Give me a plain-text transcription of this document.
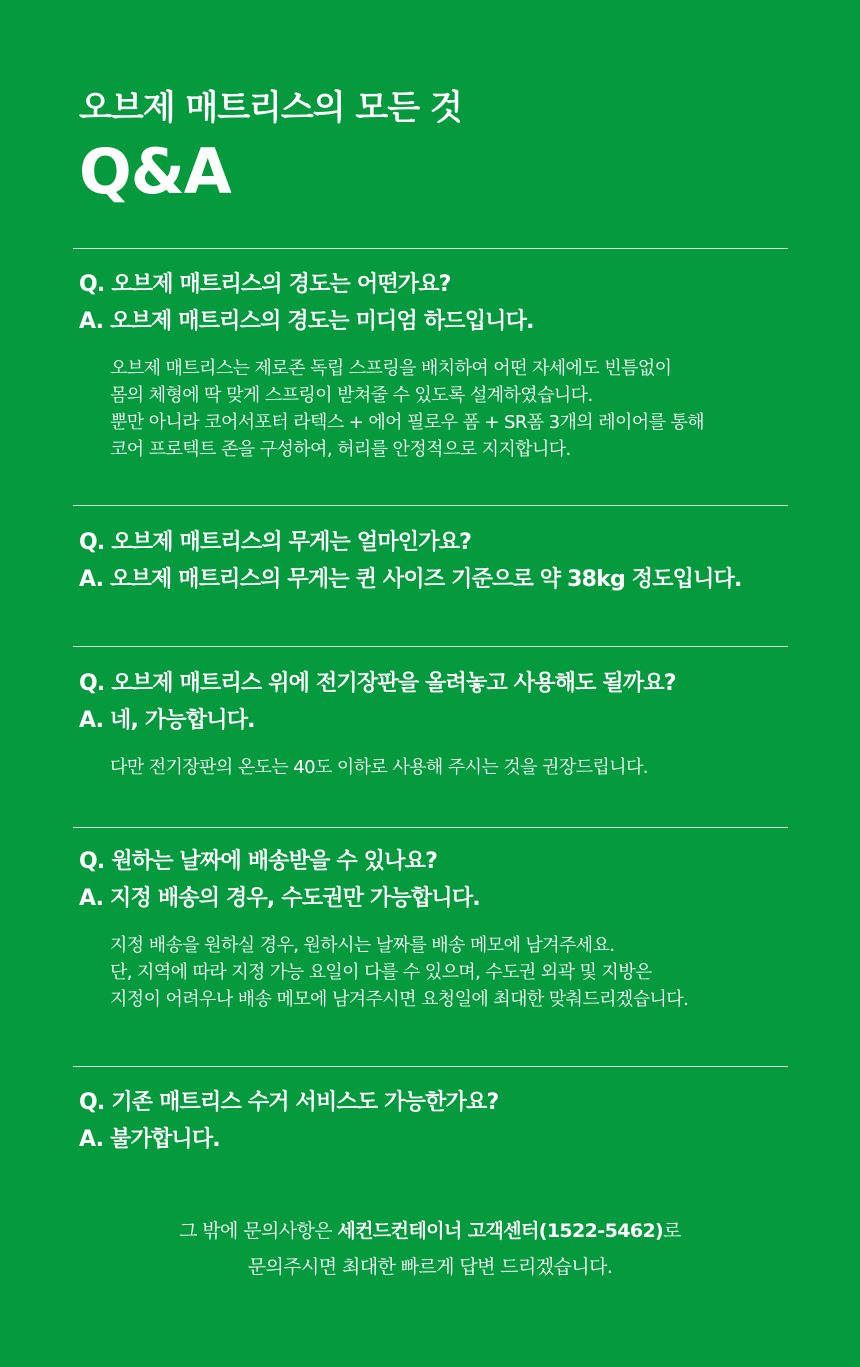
오브제 매트리스의 모든 것
Q&A
Q. 오브제 매트리스의 경도는 어떤가요?
A. 오브제 매트리스의 경도는 미디엄 하드입니다.
오브제 매트리스는 제로존 독립 스프링을 배치하여 어떤 자세에도 빈틈없이
몸의 체형에 딱 맞게 스프링이 받쳐줄 수 있도록 설계하였습니다.
뿐만 아니라 코어서포터 라텍스 + 에어 필로우 폼 + SR폼 3개의 레이어를 통해
코어 프로텍트 존을 구성하여, 허리를 안정적으로 지지합니다.
Q. 오브제 매트리스의 무게는 얼마인가요?
A. 오브제 매트리스의 무게는 퀸 사이즈 기준으로 약 38kg 정도입니다.
Q. 오브제 매트리스 위에 전기장판을 올려놓고 사용해도 될까요?
A. 네, 가능합니다.
다만 전기장판의 온도는 40도 이하로 사용해 주시는 것을 권장드립니다.
Q. 원하는 날짜에 배송받을 수 있나요?
A. 지정 배송의 경우, 수도권만 가능합니다.
지정 배송을 원하실 경우, 원하시는 날짜를 배송 메모에 남겨주세요.
단, 지역에 따라 지정 가능 요일이 다를 수 있으며, 수도권 외곽 및 지방은
지정이 어려우나 배송 메모에 남겨주시면 요청일에 최대한 맞춰드리겠습니다.
Q. 기존 매트리스 수거 서비스도 가능한가요?
A. 불가합니다.
그 밖에 문의사항은 세컨드컨테이너 고객센터(1522-5462)로
문의주시면 최대한 빠르게 답변 드리겠습니다.
